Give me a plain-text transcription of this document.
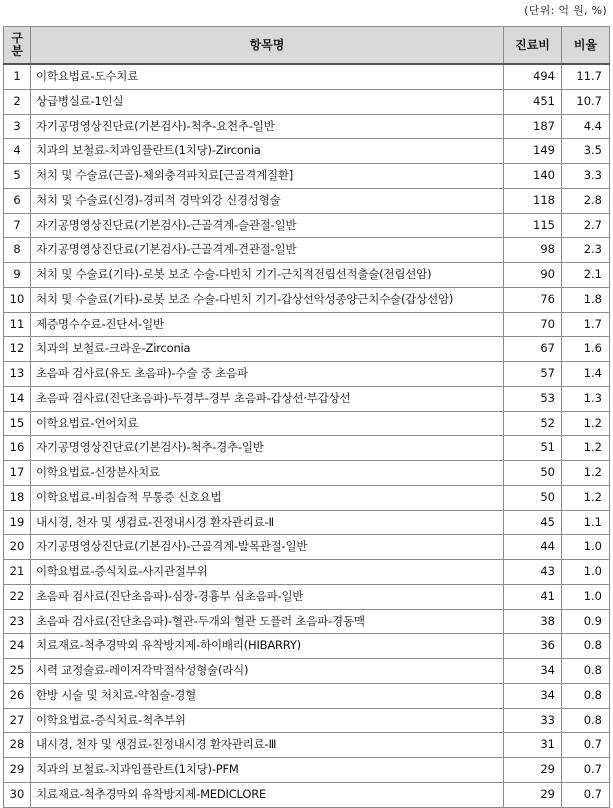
(단위: 억 원, %)
구
분	항목명	진료비	비율
1	이학요법료-도수치료	494	11.7
2	상급병실료-1인실	451	10.7
3	자기공명영상진단료(기본검사)-척추-요천추-일반	187	4.4
4	치과의 보철료-치과임플란트(1치당)-Zirconia	149	3.5
5	처치 및 수술료(근골)-체외충격파치료[근골격계질환]	140	3.3
6	처치 및 수술료(신경)-경피적 경막외강 신경성형술	118	2.8
7	자기공명영상진단료(기본검사)-근골격계-슬관절-일반	115	2.7
8	자기공명영상진단료(기본검사)-근골격계-견관절-일반	98	2.3
9	처치 및 수술료(기타)-로봇 보조 수술-다빈치 기기-근치적전립선적출술(전립선암)	90	2.1
10	처치 및 수술료(기타)-로봇 보조 수술-다빈치 기기-갑상선악성종양근치수술(갑상선암)	76	1.8
11	제증명수수료-진단서-일반	70	1.7
12	치과의 보철료-크라운-Zirconia	67	1.6
13	초음파 검사료(유도 초음파)-수술 중 초음파	57	1.4
14	초음파 검사료(진단초음파)-두경부-경부 초음파-갑상선·부갑상선	53	1.3
15	이학요법료-언어치료	52	1.2
16	자기공명영상진단료(기본검사)-척추-경추-일반	51	1.2
17	이학요법료-신장분사치료	50	1.2
18	이학요법료-비침습적 무통증 신호요법	50	1.2
19	내시경, 천자 및 생검료-진정내시경 환자관리료-Ⅱ	45	1.1
20	자기공명영상진단료(기본검사)-근골격계-발목관절-일반	44	1.0
21	이학요법료-증식치료-사지관절부위	43	1.0
22	초음파 검사료(진단초음파)-심장-경흉부 심초음파-일반	41	1.0
23	초음파 검사료(진단초음파)-혈관-두개외 혈관 도플러 초음파-경동맥	38	0.9
24	치료재료-척추경막외 유착방지제-하이배리(HIBARRY)	36	0.8
25	시력 교정술료-레이저각막절삭성형술(라식)	34	0.8
26	한방 시술 및 처치료-약침술-경혈	34	0.8
27	이학요법료-증식치료-척추부위	33	0.8
28	내시경, 천자 및 생검료-진정내시경 환자관리료-Ⅲ	31	0.7
29	치과의 보철료-치과임플란트(1치당)-PFM	29	0.7
30	치료재료-척추경막외 유착방지제-MEDICLORE	29	0.7
